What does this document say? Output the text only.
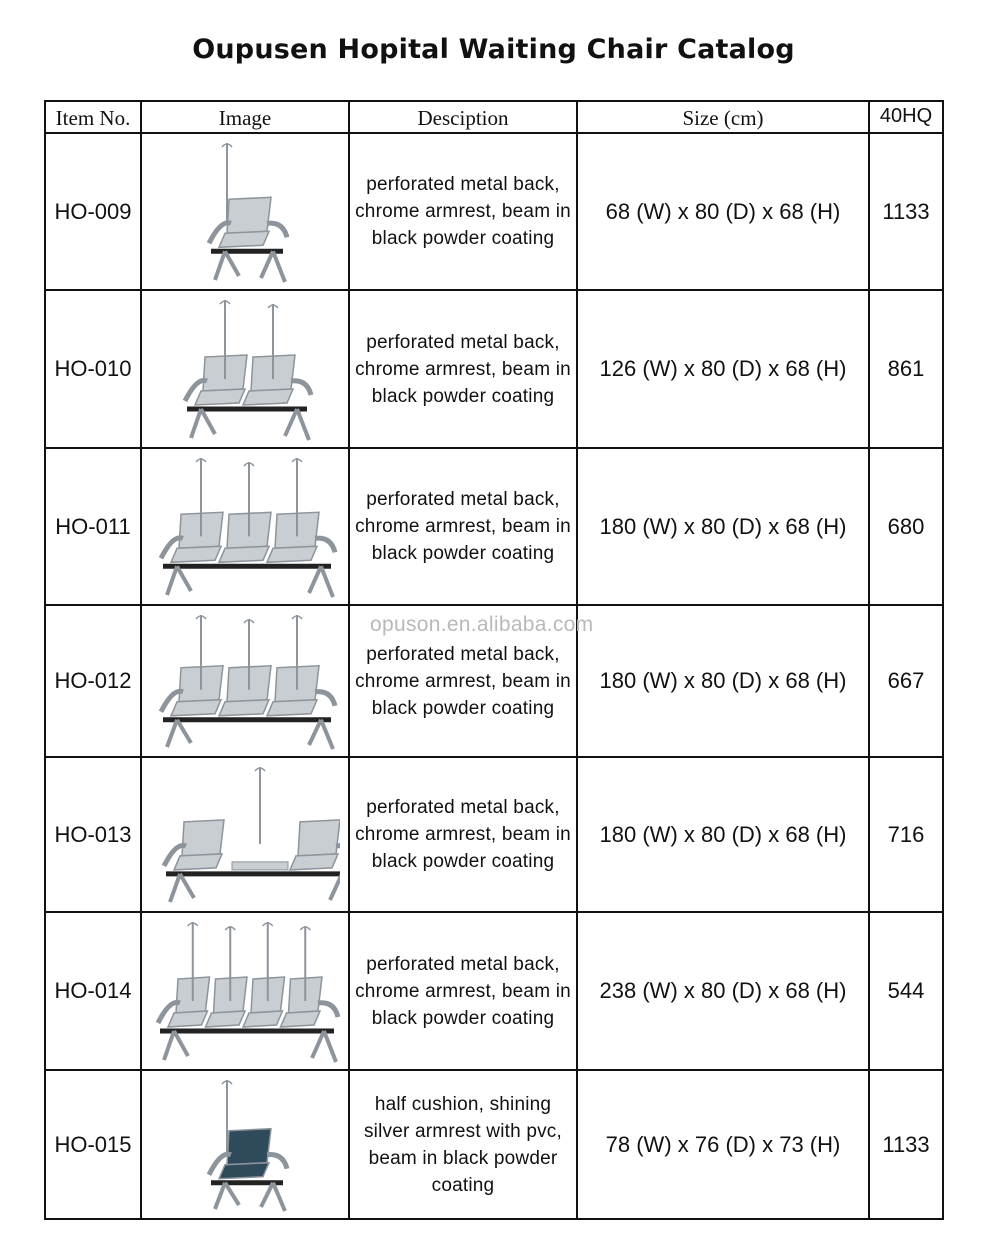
Oupusen Hopital Waiting Chair Catalog
Item No.	Image	Desciption	Size (cm)	40HQ
HO-009		perforated metal back, chrome armrest, beam in black powder coating	68 (W) x 80 (D) x 68 (H)	1133
HO-010		perforated metal back, chrome armrest, beam in black powder coating	126 (W) x 80 (D) x 68 (H)	861
HO-011		perforated metal back, chrome armrest, beam in black powder coating	180 (W) x 80 (D) x 68 (H)	680
HO-012		perforated metal back, chrome armrest, beam in black powder coating	180 (W) x 80 (D) x 68 (H)	667
HO-013		perforated metal back, chrome armrest, beam in black powder coating	180 (W) x 80 (D) x 68 (H)	716
HO-014		perforated metal back, chrome armrest, beam in black powder coating	238 (W) x 80 (D) x 68 (H)	544
HO-015		half cushion, shining silver armrest with pvc, beam in black powder coating	78 (W) x 76 (D) x 73 (H)	1133
opuson.en.alibaba.com
